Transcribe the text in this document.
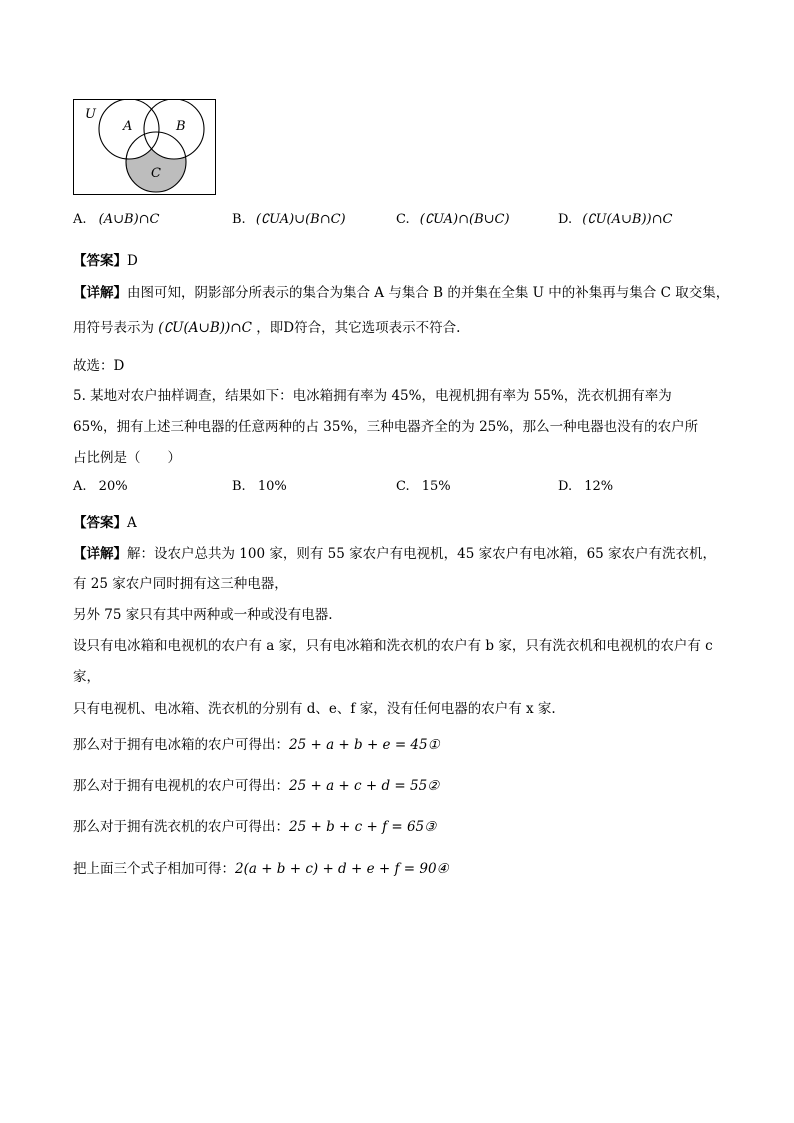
U
A	B
C
A. (A∪B)∩C	B. (∁UA)∪(B∩C)	C. (∁UA)∩(B∪C)	D. (∁U(A∪B))∩C
【答案】D
【详解】由图可知，阴影部分所表示的集合为集合 A 与集合 B 的并集在全集 U 中的补集再与集合 C 取交集，
用符号表示为 (∁U(A∪B))∩C ，即D符合，其它选项表示不符合.
故选：D
5. 某地对农户抽样调查，结果如下：电冰箱拥有率为 45%，电视机拥有率为 55%，洗衣机拥有率为
65%，拥有上述三种电器的任意两种的占 35%，三种电器齐全的为 25%，那么一种电器也没有的农户所
占比例是（　　）
A. 20%	B. 10%	C. 15%	D. 12%
【答案】A
【详解】解：设农户总共为 100 家，则有 55 家农户有电视机，45 家农户有电冰箱，65 家农户有洗衣机，
有 25 家农户同时拥有这三种电器，
另外 75 家只有其中两种或一种或没有电器.
设只有电冰箱和电视机的农户有 a 家，只有电冰箱和洗衣机的农户有 b 家，只有洗衣机和电视机的农户有 c
家，
只有电视机、电冰箱、洗衣机的分别有 d、e、f 家，没有任何电器的农户有 x 家.
那么对于拥有电冰箱的农户可得出：25 + a + b + e = 45①
那么对于拥有电视机的农户可得出：25 + a + c + d = 55②
那么对于拥有洗衣机的农户可得出：25 + b + c + f = 65③
把上面三个式子相加可得：2(a + b + c) + d + e + f = 90④
